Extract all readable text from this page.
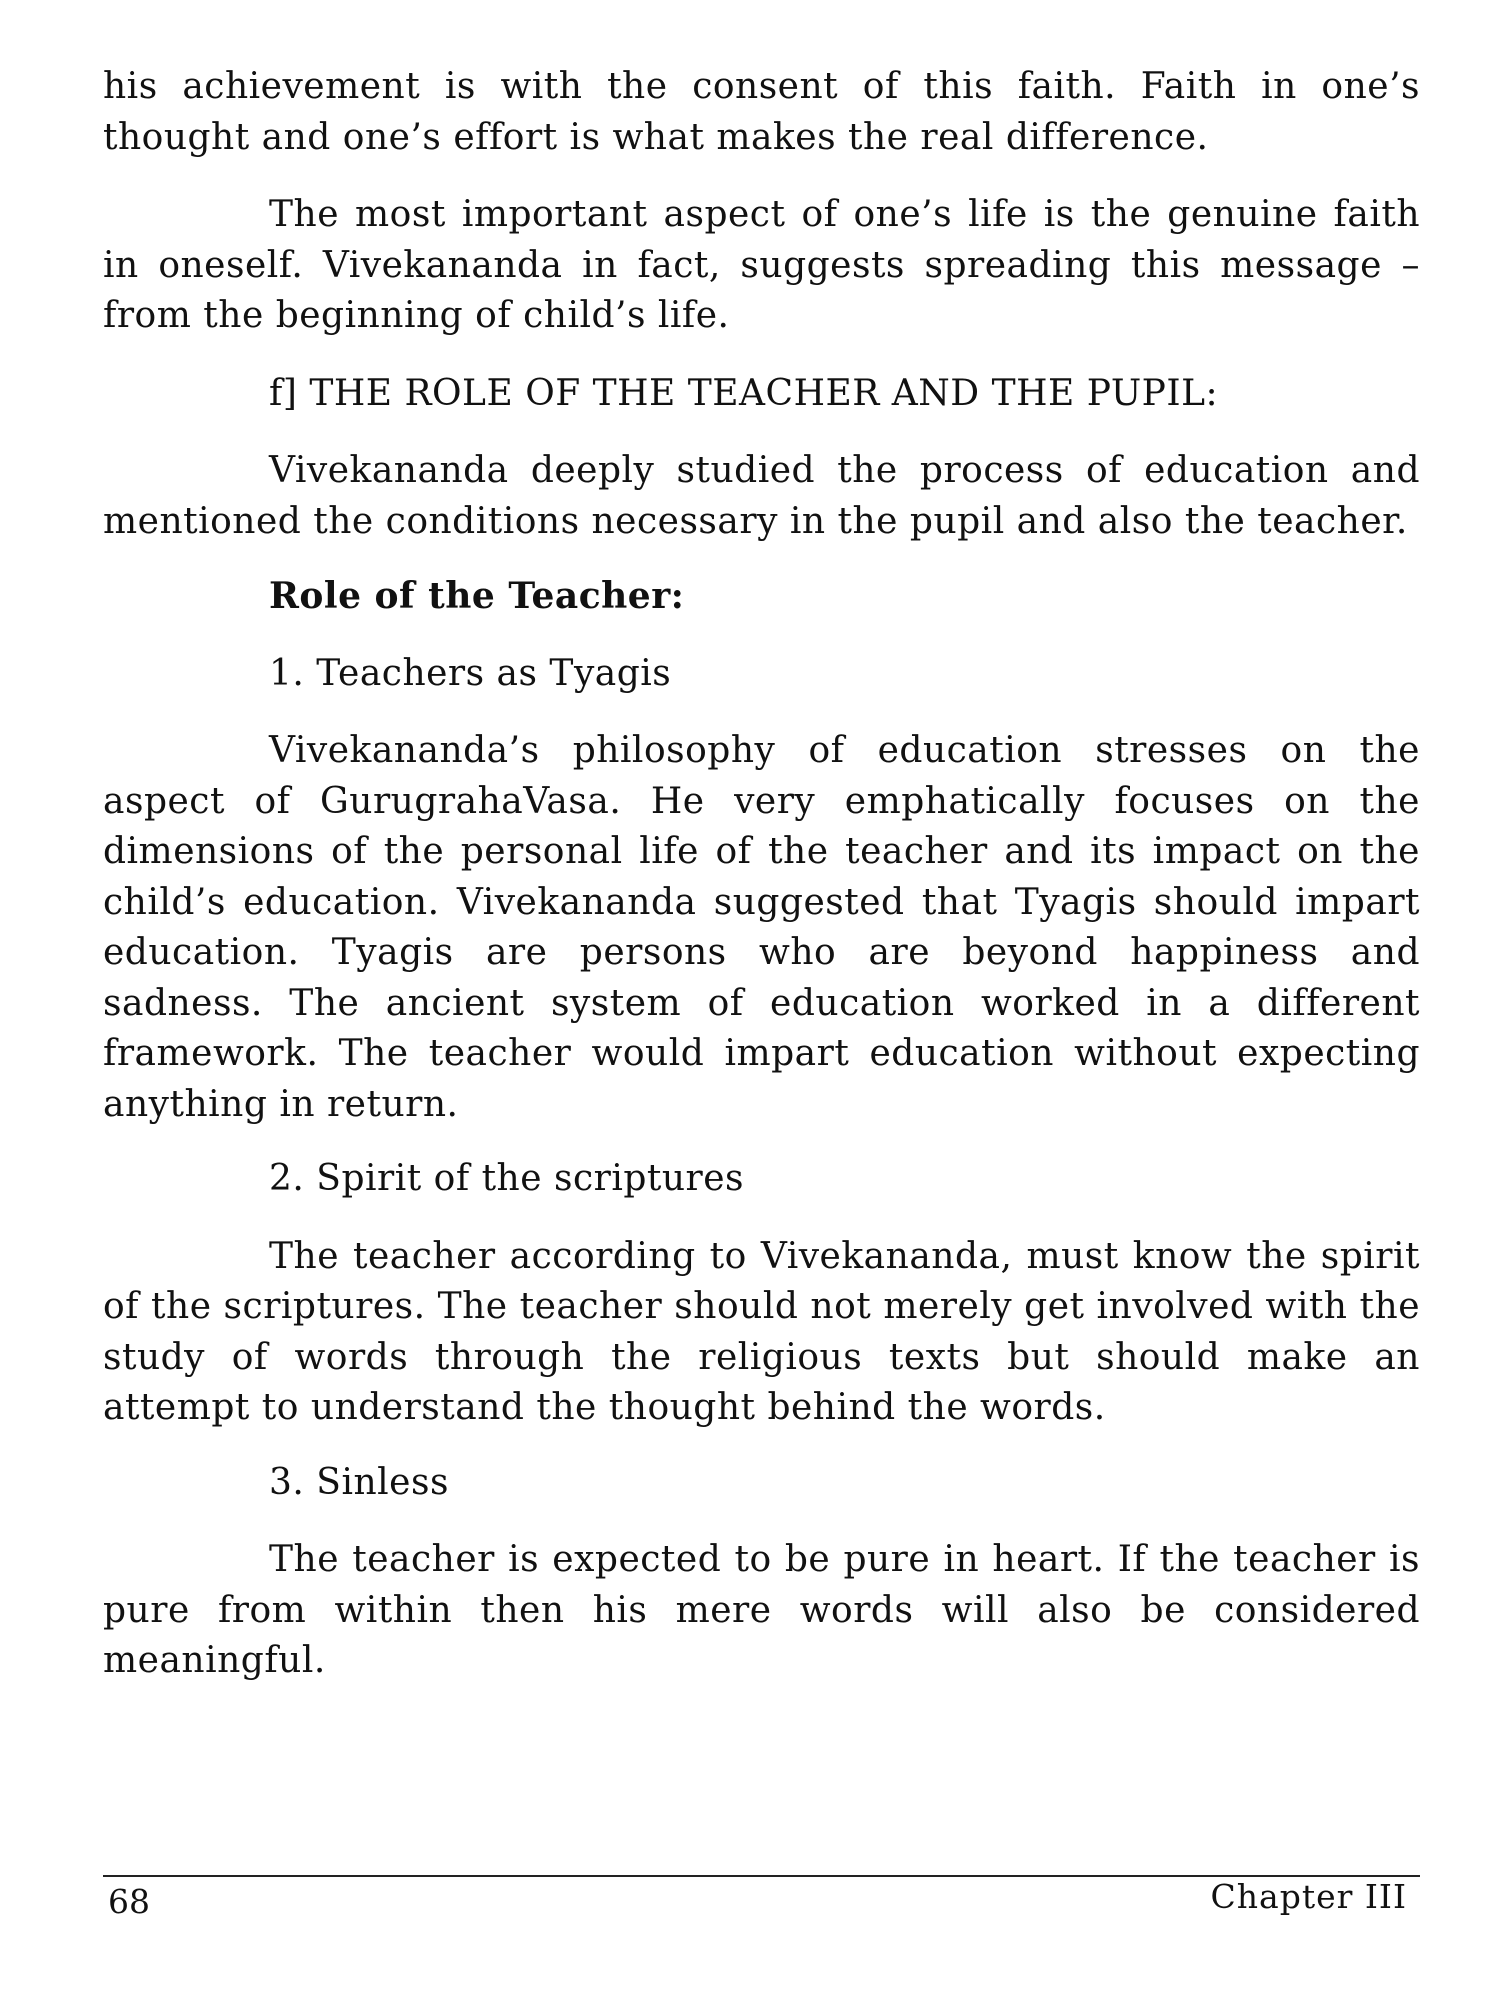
his achievement is with the consent of this faith. Faith in one’s thought and one’s effort is what makes the real difference.

The most important aspect of one’s life is the genuine faith in oneself. Vivekananda in fact, suggests spreading this message – from the beginning of child’s life.

f] THE ROLE OF THE TEACHER AND THE PUPIL:

Vivekananda deeply studied the process of education and mentioned the conditions necessary in the pupil and also the teacher.

Role of the Teacher:

1. Teachers as Tyagis

Vivekananda’s philosophy of education stresses on the aspect of GurugrahaVasa. He very emphatically focuses on the dimensions of the personal life of the teacher and its impact on the child’s education. Vivekananda suggested that Tyagis should impart education. Tyagis are persons who are beyond happiness and sadness. The ancient system of education worked in a different framework. The teacher would impart education without expecting anything in return.

2. Spirit of the scriptures

The teacher according to Vivekananda, must know the spirit of the scriptures. The teacher should not merely get involved with the study of words through the religious texts but should make an attempt to understand the thought behind the words.

3. Sinless

The teacher is expected to be pure in heart. If the teacher is pure from within then his mere words will also be considered meaningful.

68	Chapter III
